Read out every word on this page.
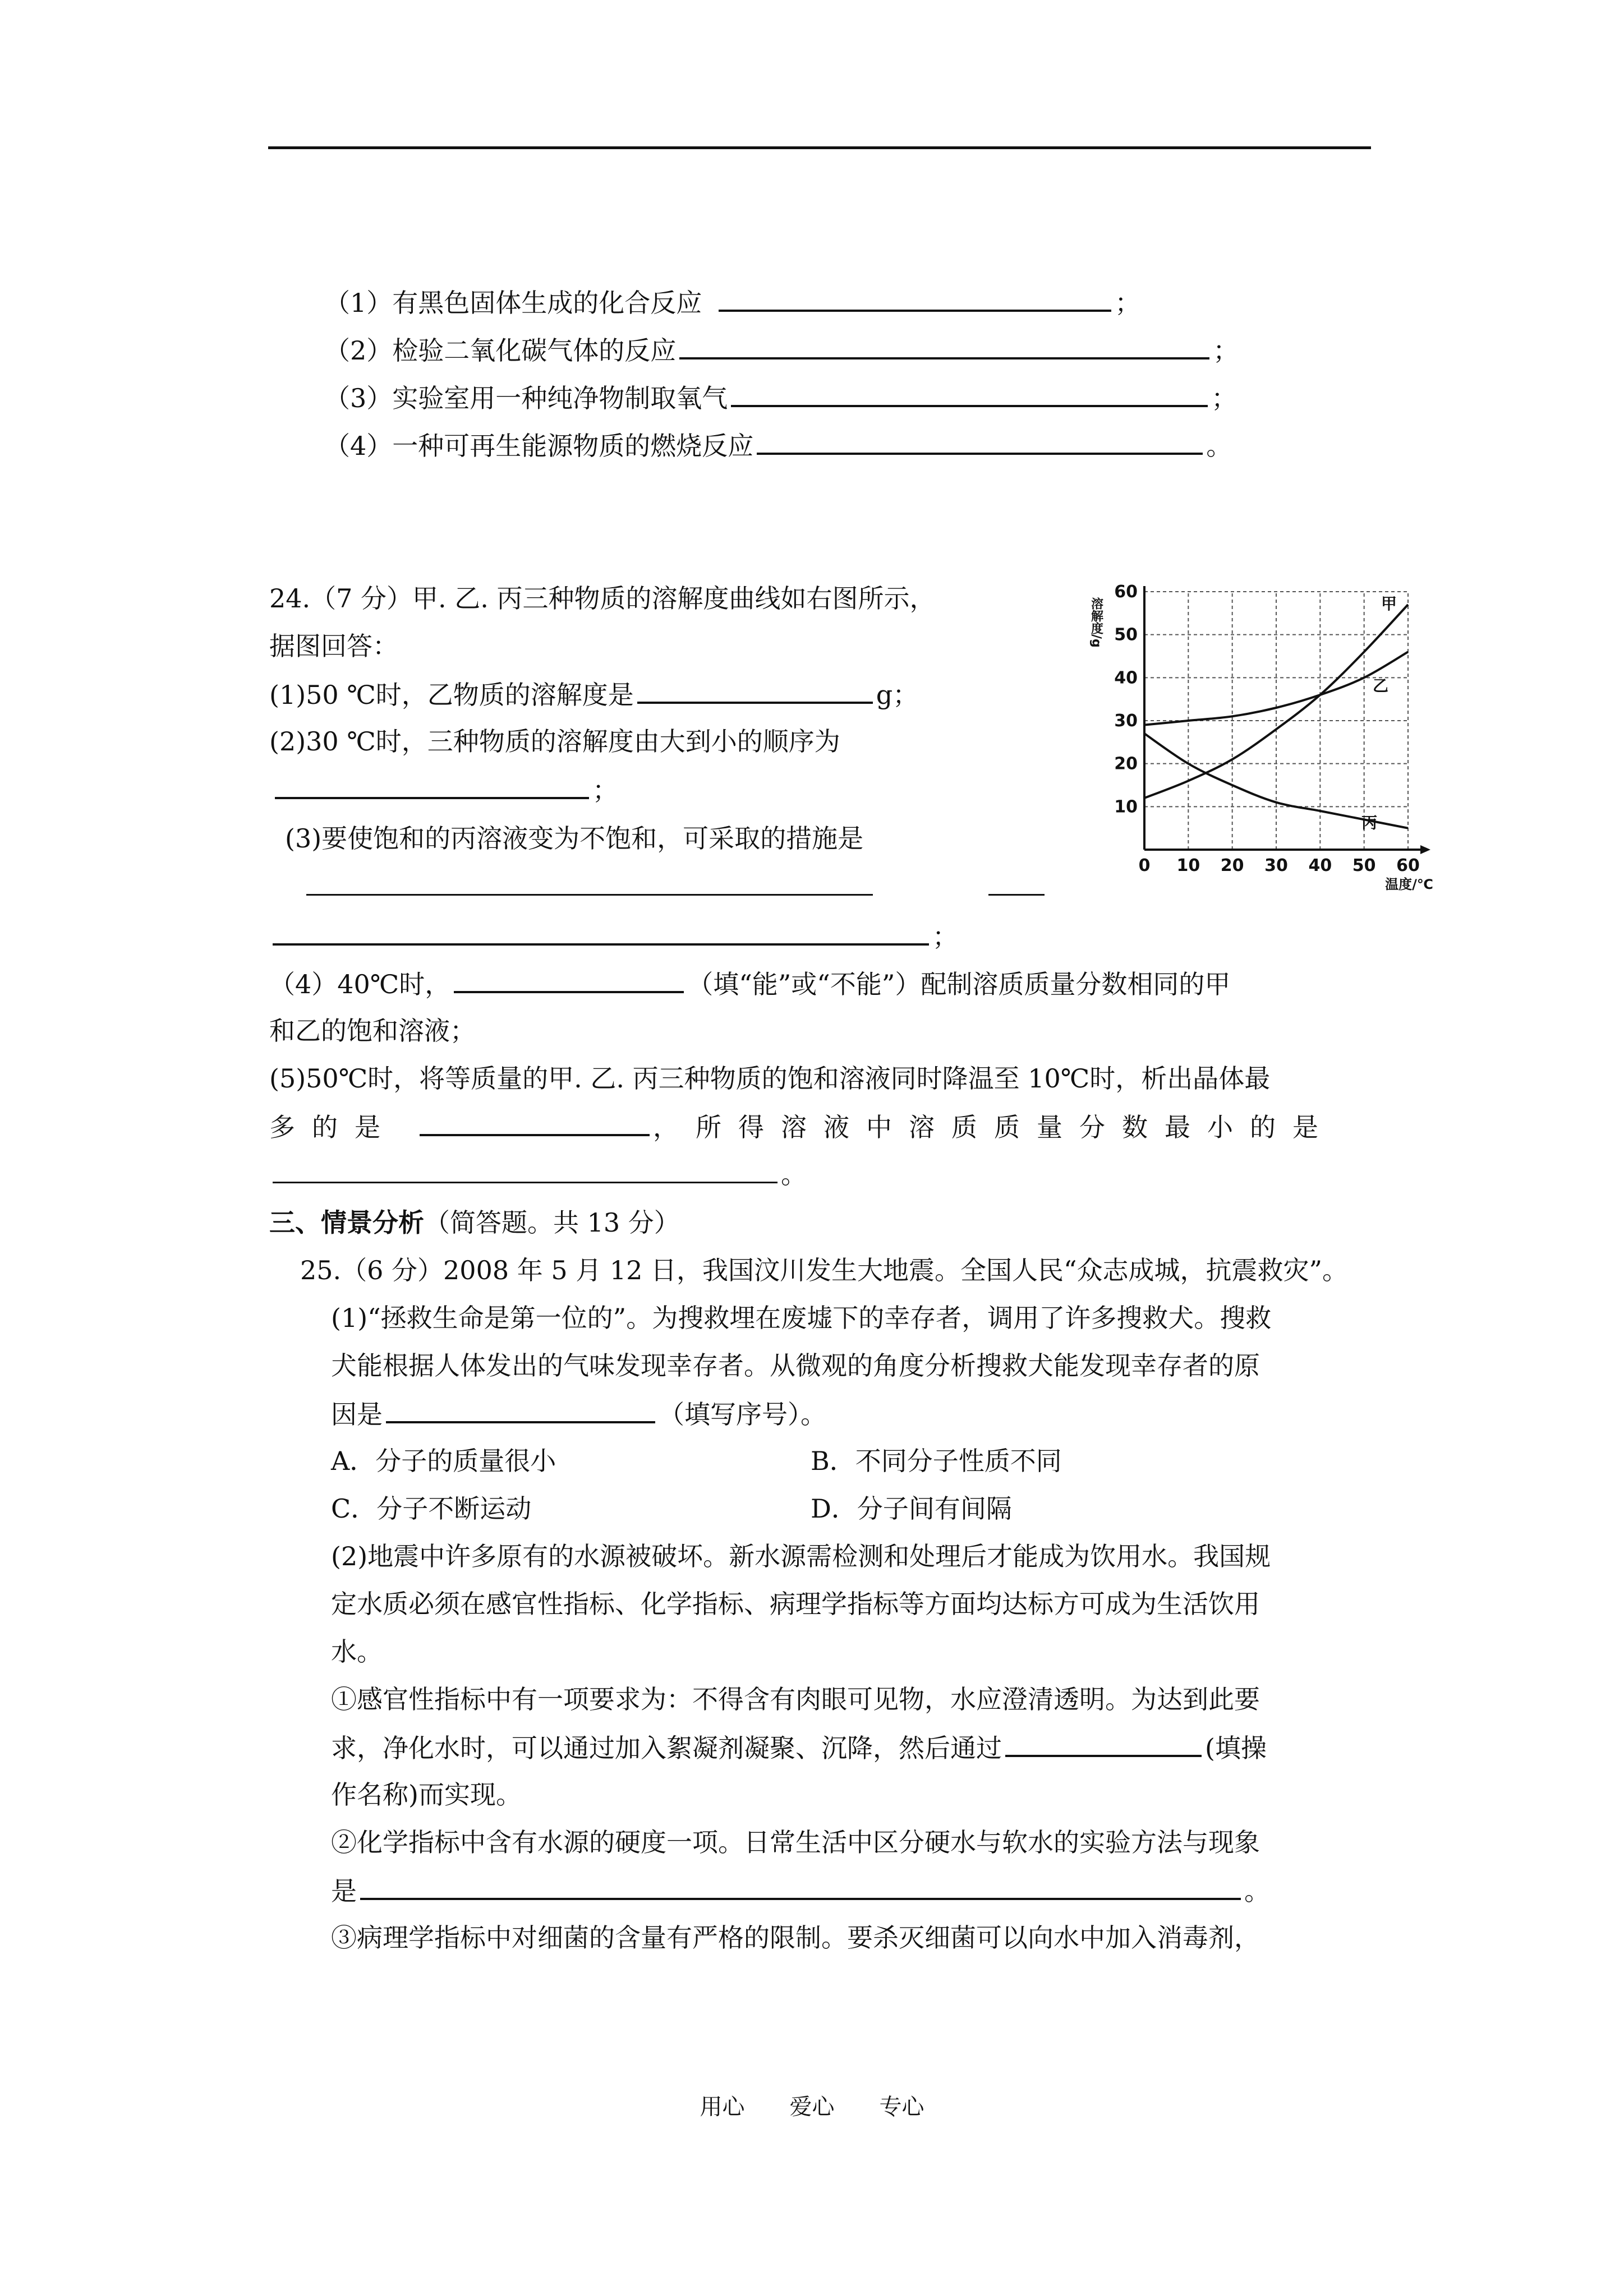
（1）有黑色固体生成的化合反应	；
（2）检验二氧化碳气体的反应	；
（3）实验室用一种纯净物制取氧气	；
（4）一种可再生能源物质的燃烧反应	。
24.（7 分）甲. 乙. 丙三种物质的溶解度曲线如右图所示，
据图回答：
(1)50 ℃时，乙物质的溶解度是	g；
(2)30 ℃时，三种物质的溶解度由大到小的顺序为
；
(3)要使饱和的丙溶液变为不饱和，可采取的措施是
；
（4）40℃时，	（填“能”或“不能”）配制溶质质量分数相同的甲
和乙的饱和溶液；
(5)50℃时，将等质量的甲. 乙. 丙三种物质的饱和溶液同时降温至 10℃时，析出晶体最
多的是	，所得溶液中溶质质量分数最小的是
。
三、情景分析（简答题。共 13 分）
25.（6 分）2008 年 5 月 12 日，我国汶川发生大地震。全国人民“众志成城，抗震救灾”。
(1)“拯救生命是第一位的”。为搜救埋在废墟下的幸存者，调用了许多搜救犬。搜救
犬能根据人体发出的气味发现幸存者。从微观的角度分析搜救犬能发现幸存者的原
因是	（填写序号）。
A．分子的质量很小	B．不同分子性质不同
C．分子不断运动	D．分子间有间隔
(2)地震中许多原有的水源被破坏。新水源需检测和处理后才能成为饮用水。我国规
定水质必须在感官性指标、化学指标、病理学指标等方面均达标方可成为生活饮用
水。
①感官性指标中有一项要求为：不得含有肉眼可见物，水应澄清透明。为达到此要
求，净化水时，可以通过加入絮凝剂凝聚、沉降，然后通过	(填操
作名称)而实现。
②化学指标中含有水源的硬度一项。日常生活中区分硬水与软水的实验方法与现象
是	。
③病理学指标中对细菌的含量有严格的限制。要杀灭细菌可以向水中加入消毒剂，
0 10 20 30 40 50 60
10
20
30
40
50
60
溶解度/g
温度/℃
甲
乙
丙
用心 爱心 专心
